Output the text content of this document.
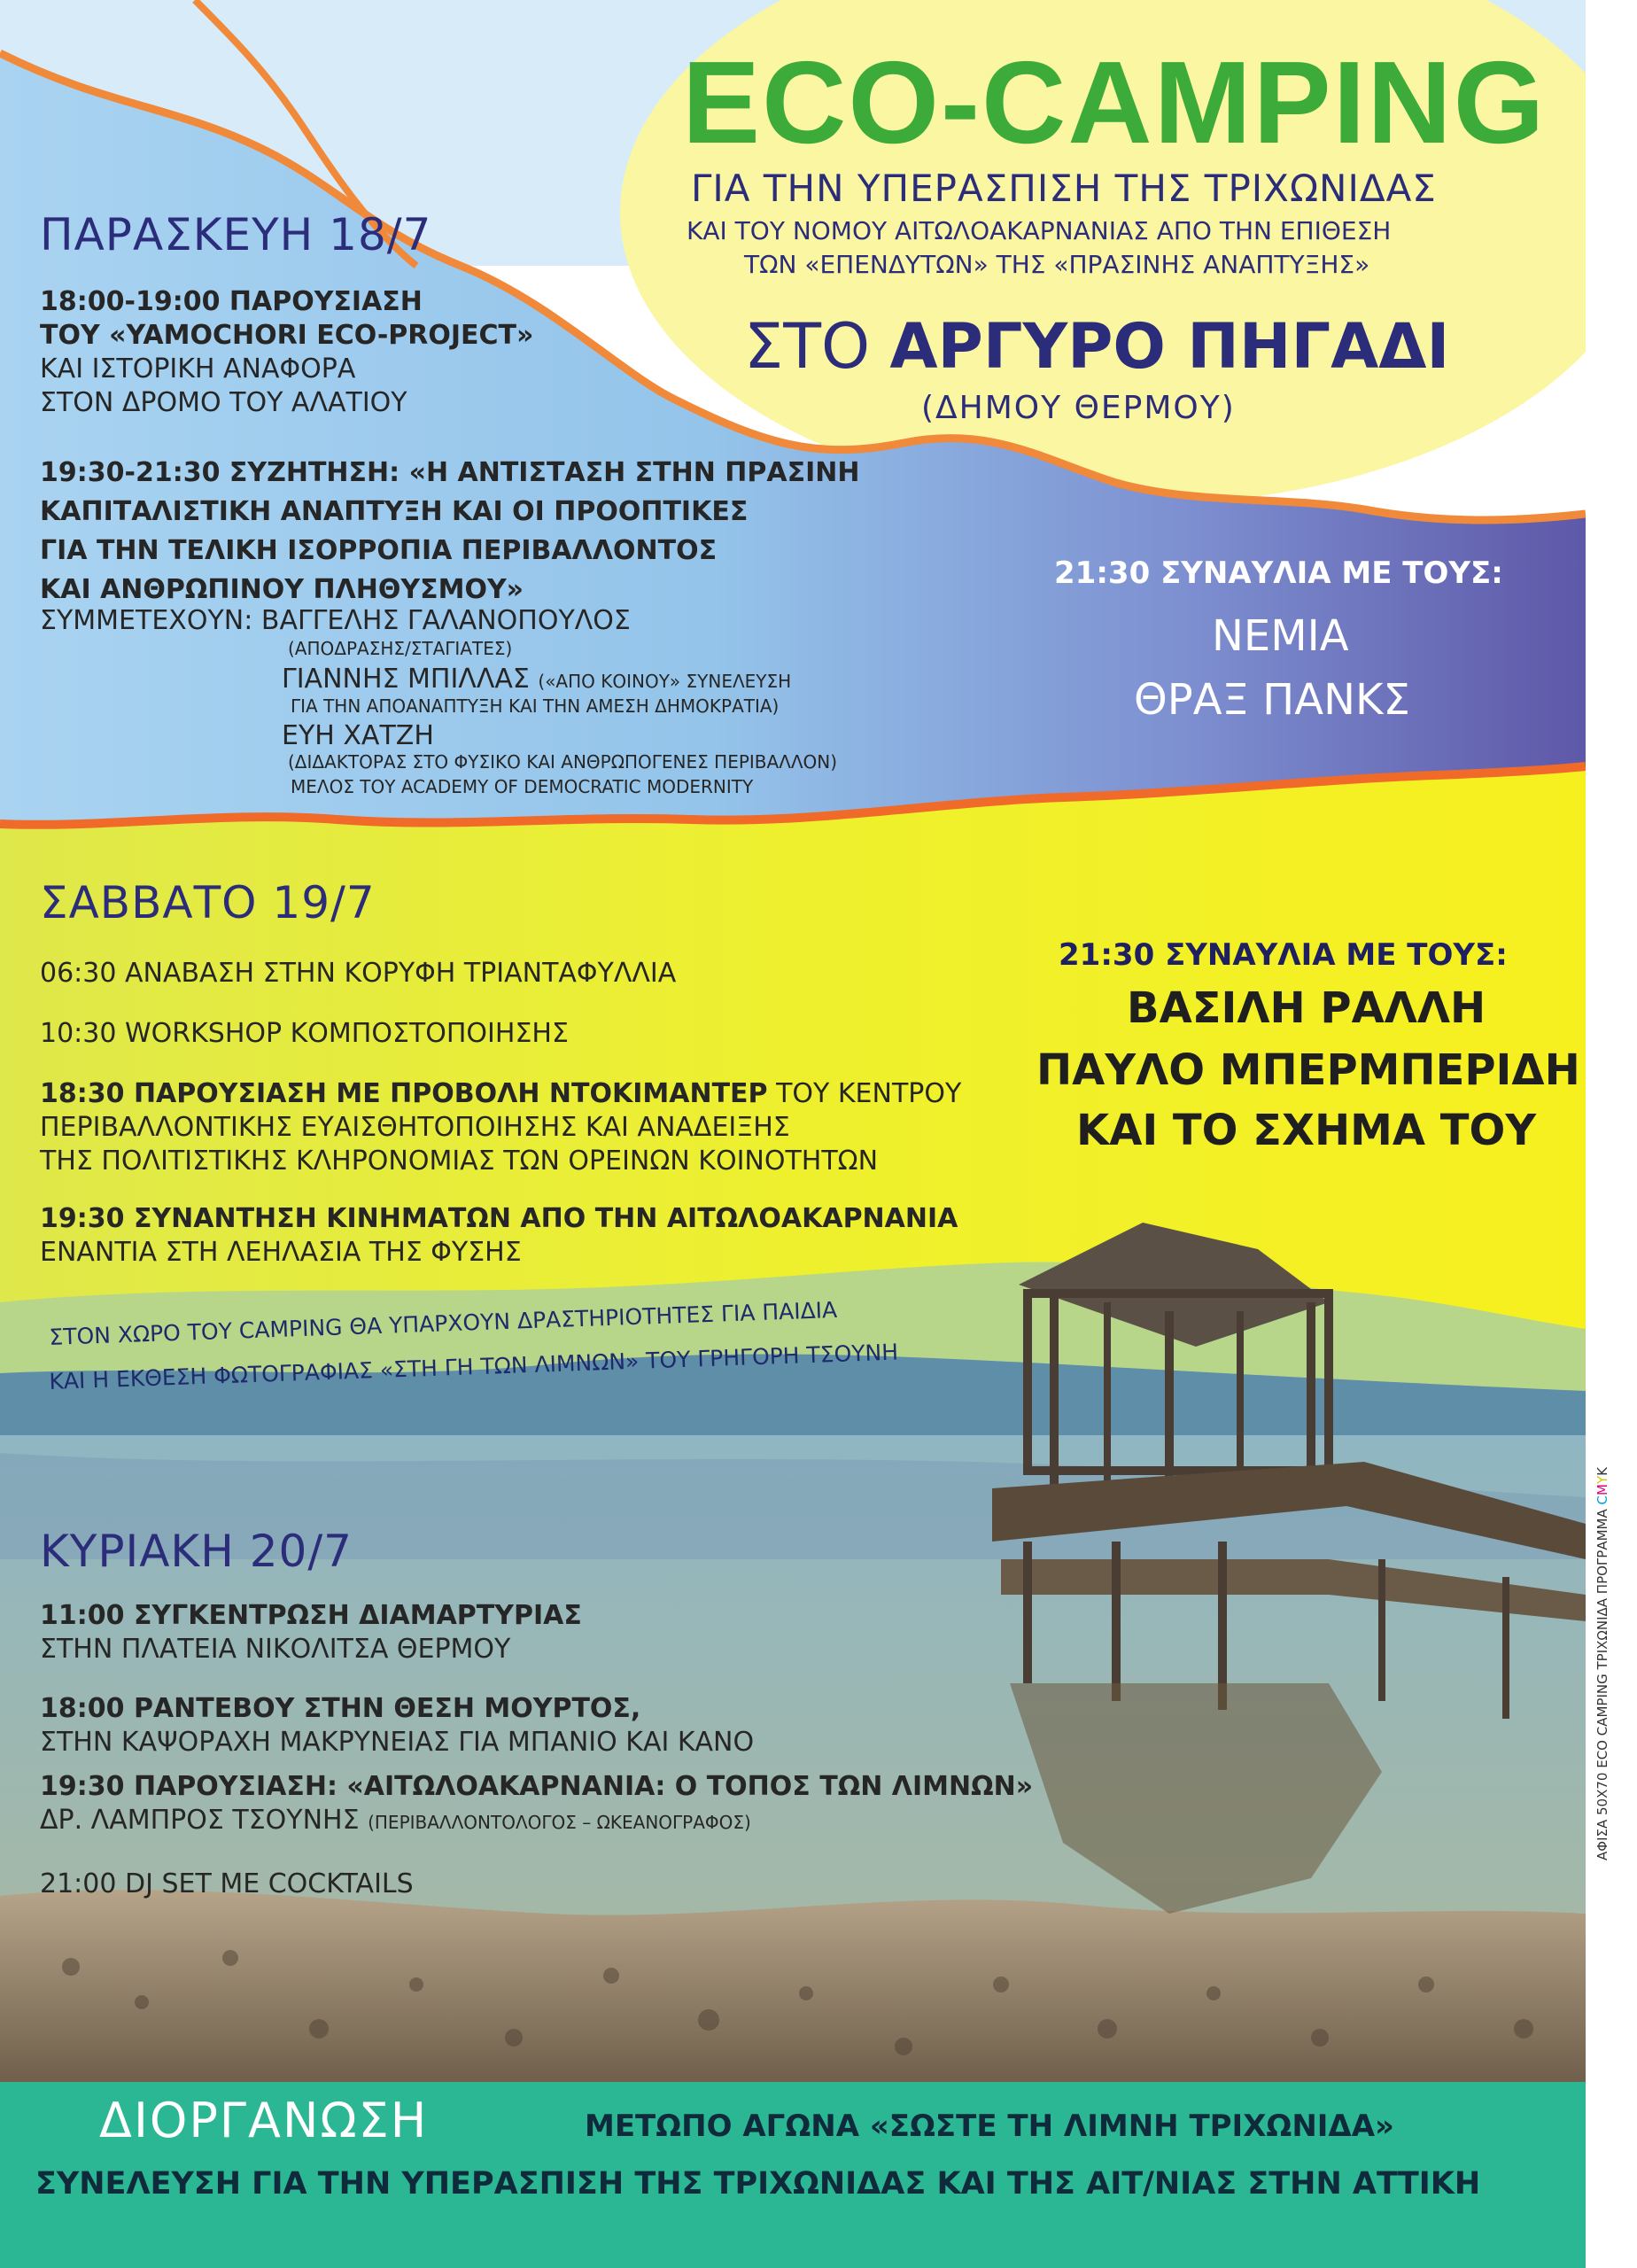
ECO-CAMPING
ΓΙΑ ΤΗΝ ΥΠΕΡΑΣΠΙΣΗ ΤΗΣ ΤΡΙΧΩΝΙΔΑΣ
ΚΑΙ ΤΟΥ ΝΟΜΟΥ ΑΙΤΩΛΟΑΚΑΡΝΑΝΙΑΣ ΑΠΟ ΤΗΝ ΕΠΙΘΕΣΗ
ΤΩΝ «ΕΠΕΝΔΥΤΩΝ» ΤΗΣ «ΠΡΑΣΙΝΗΣ ΑΝΑΠΤΥΞΗΣ»
ΣΤΟ ΑΡΓΥΡΟ ΠΗΓΑΔΙ
(ΔΗΜΟΥ ΘΕΡΜΟΥ)
ΠΑΡΑΣΚΕΥΗ 18/7
18:00-19:00 ΠΑΡΟΥΣΙΑΣΗ
ΤΟΥ «YAMOCHORI ECO-PROJECT»
ΚΑΙ ΙΣΤΟΡΙΚΗ ΑΝΑΦΟΡΑ
ΣΤΟΝ ΔΡΟΜΟ ΤΟΥ ΑΛΑΤΙΟΥ
19:30-21:30 ΣΥΖΗΤΗΣΗ: «Η ΑΝΤΙΣΤΑΣΗ ΣΤΗΝ ΠΡΑΣΙΝΗ
ΚΑΠΙΤΑΛΙΣΤΙΚΗ ΑΝΑΠΤΥΞΗ ΚΑΙ ΟΙ ΠΡΟΟΠΤΙΚΕΣ
ΓΙΑ ΤΗΝ ΤΕΛΙΚΗ ΙΣΟΡΡΟΠΙΑ ΠΕΡΙΒΑΛΛΟΝΤΟΣ
ΚΑΙ ΑΝΘΡΩΠΙΝΟΥ ΠΛΗΘΥΣΜΟΥ»
ΣΥΜΜΕΤΕΧΟΥΝ: ΒΑΓΓΕΛΗΣ ΓΑΛΑΝΟΠΟΥΛΟΣ
(ΑΠΟΔΡΑΣΗΣ/ΣΤΑΓΙΑΤΕΣ)
ΓΙΑΝΝΗΣ ΜΠΙΛΛΑΣ («ΑΠΟ ΚΟΙΝΟΥ» ΣΥΝΕΛΕΥΣΗ
ΓΙΑ ΤΗΝ ΑΠΟΑΝΑΠΤΥΞΗ ΚΑΙ ΤΗΝ ΑΜΕΣΗ ΔΗΜΟΚΡΑΤΙΑ)
ΕΥΗ ΧΑΤΖΗ
(ΔΙΔΑΚΤΟΡΑΣ ΣΤΟ ΦΥΣΙΚΟ ΚΑΙ ΑΝΘΡΩΠΟΓΕΝΕΣ ΠΕΡΙΒΑΛΛΟΝ)
ΜΕΛΟΣ ΤΟΥ ACADEMY OF DEMOCRATIC MODERNITY
21:30 ΣΥΝΑΥΛΙΑ ΜΕ ΤΟΥΣ:
ΝΕΜΙΑ
ΘΡΑΞ ΠΑΝΚΣ
ΣΑΒΒΑΤΟ 19/7
06:30 ΑΝΑΒΑΣΗ ΣΤΗΝ ΚΟΡΥΦΗ ΤΡΙΑΝΤΑΦΥΛΛΙΑ
10:30 WORKSHOP ΚΟΜΠΟΣΤΟΠΟΙΗΣΗΣ
18:30 ΠΑΡΟΥΣΙΑΣΗ ΜΕ ΠΡΟΒΟΛΗ ΝΤΟΚΙΜΑΝΤΕΡ ΤΟΥ ΚΕΝΤΡΟΥ
ΠΕΡΙΒΑΛΛΟΝΤΙΚΗΣ ΕΥΑΙΣΘΗΤΟΠΟΙΗΣΗΣ ΚΑΙ ΑΝΑΔΕΙΞΗΣ
ΤΗΣ ΠΟΛΙΤΙΣΤΙΚΗΣ ΚΛΗΡΟΝΟΜΙΑΣ ΤΩΝ ΟΡΕΙΝΩΝ ΚΟΙΝΟΤΗΤΩΝ
19:30 ΣΥΝΑΝΤΗΣΗ ΚΙΝΗΜΑΤΩΝ ΑΠΟ ΤΗΝ ΑΙΤΩΛΟΑΚΑΡΝΑΝΙΑ
ΕΝΑΝΤΙΑ ΣΤΗ ΛΕΗΛΑΣΙΑ ΤΗΣ ΦΥΣΗΣ
21:30 ΣΥΝΑΥΛΙΑ ΜΕ ΤΟΥΣ:
ΒΑΣΙΛΗ ΡΑΛΛΗ
ΠΑΥΛΟ ΜΠΕΡΜΠΕΡΙΔΗ
ΚΑΙ ΤΟ ΣΧΗΜΑ ΤΟΥ
ΣΤΟΝ ΧΩΡΟ ΤΟΥ CAMPING ΘΑ ΥΠΑΡΧΟΥΝ ΔΡΑΣΤΗΡΙΟΤΗΤΕΣ ΓΙΑ ΠΑΙΔΙΑ
ΚΑΙ Η ΕΚΘΕΣΗ ΦΩΤΟΓΡΑΦΙΑΣ «ΣΤΗ ΓΗ ΤΩΝ ΛΙΜΝΩΝ» ΤΟΥ ΓΡΗΓΟΡΗ ΤΣΟΥΝΗ
ΚΥΡΙΑΚΗ 20/7
11:00 ΣΥΓΚΕΝΤΡΩΣΗ ΔΙΑΜΑΡΤΥΡΙΑΣ
ΣΤΗΝ ΠΛΑΤΕΙΑ ΝΙΚΟΛΙΤΣΑ ΘΕΡΜΟΥ
18:00 ΡΑΝΤΕΒΟΥ ΣΤΗΝ ΘΕΣΗ ΜΟΥΡΤΟΣ,
ΣΤΗΝ ΚΑΨΟΡΑΧΗ ΜΑΚΡΥΝΕΙΑΣ ΓΙΑ ΜΠΑΝΙΟ ΚΑΙ ΚΑΝΟ
19:30 ΠΑΡΟΥΣΙΑΣΗ: «ΑΙΤΩΛΟΑΚΑΡΝΑΝΙΑ: Ο ΤΟΠΟΣ ΤΩΝ ΛΙΜΝΩΝ»
ΔΡ. ΛΑΜΠΡΟΣ ΤΣΟΥΝΗΣ (ΠΕΡΙΒΑΛΛΟΝΤΟΛΟΓΟΣ – ΩΚΕΑΝΟΓΡΑΦΟΣ)
21:00 DJ SET ΜΕ COCKTAILS
ΔΙΟΡΓΑΝΩΣΗ	ΜΕΤΩΠΟ ΑΓΩΝΑ «ΣΩΣΤΕ ΤΗ ΛΙΜΝΗ ΤΡΙΧΩΝΙΔΑ»
ΣΥΝΕΛΕΥΣΗ ΓΙΑ ΤΗΝ ΥΠΕΡΑΣΠΙΣΗ ΤΗΣ ΤΡΙΧΩΝΙΔΑΣ ΚΑΙ ΤΗΣ ΑΙΤ/ΝΙΑΣ ΣΤΗΝ ΑΤΤΙΚΗ
ΑΦΙΣΑ 50Χ70 ECO CAMPING ΤΡΙΧΩΝΙΔΑ ΠΡΟΓΡΑΜΜΑ CMYK
